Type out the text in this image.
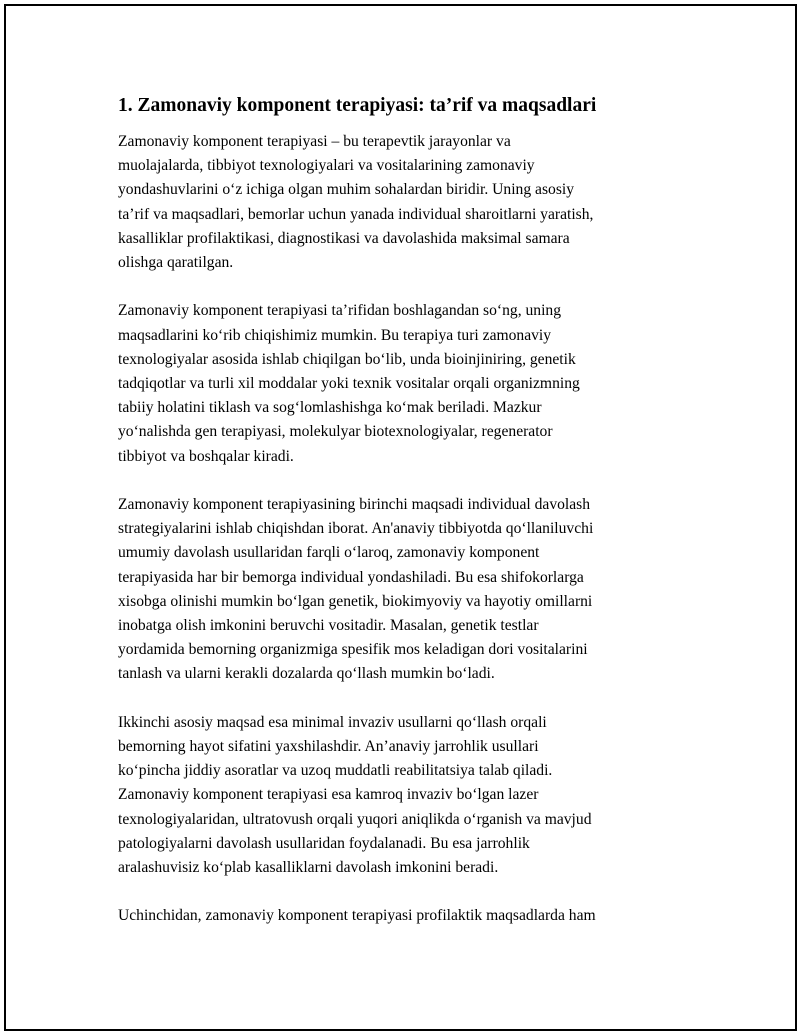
1. Zamonaviy komponent terapiyasi: ta’rif va maqsadlari

Zamonaviy komponent terapiyasi – bu terapevtik jarayonlar va
muolajalarda, tibbiyot texnologiyalari va vositalarining zamonaviy
yondashuvlarini oʻz ichiga olgan muhim sohalardan biridir. Uning asosiy
ta’rif va maqsadlari, bemorlar uchun yanada individual sharoitlarni yaratish,
kasalliklar profilaktikasi, diagnostikasi va davolashida maksimal samara
olishga qaratilgan.

Zamonaviy komponent terapiyasi ta’rifidan boshlagandan soʻng, uning
maqsadlarini koʻrib chiqishimiz mumkin. Bu terapiya turi zamonaviy
texnologiyalar asosida ishlab chiqilgan boʻlib, unda bioinjiniring, genetik
tadqiqotlar va turli xil moddalar yoki texnik vositalar orqali organizmning
tabiiy holatini tiklash va sogʻlomlashishga koʻmak beriladi. Mazkur
yoʻnalishda gen terapiyasi, molekulyar biotexnologiyalar, regenerator
tibbiyot va boshqalar kiradi.

Zamonaviy komponent terapiyasining birinchi maqsadi individual davolash
strategiyalarini ishlab chiqishdan iborat. An'anaviy tibbiyotda qoʻllaniluvchi
umumiy davolash usullaridan farqli oʻlaroq, zamonaviy komponent
terapiyasida har bir bemorga individual yondashiladi. Bu esa shifokorlarga
xisobga olinishi mumkin boʻlgan genetik, biokimyoviy va hayotiy omillarni
inobatga olish imkonini beruvchi vositadir. Masalan, genetik testlar
yordamida bemorning organizmiga spesifik mos keladigan dori vositalarini
tanlash va ularni kerakli dozalarda qoʻllash mumkin boʻladi.

Ikkinchi asosiy maqsad esa minimal invaziv usullarni qoʻllash orqali
bemorning hayot sifatini yaxshilashdir. An’anaviy jarrohlik usullari
koʻpincha jiddiy asoratlar va uzoq muddatli reabilitatsiya talab qiladi.
Zamonaviy komponent terapiyasi esa kamroq invaziv boʻlgan lazer
texnologiyalaridan, ultratovush orqali yuqori aniqlikda oʻrganish va mavjud
patologiyalarni davolash usullaridan foydalanadi. Bu esa jarrohlik
aralashuvisiz koʻplab kasalliklarni davolash imkonini beradi.

Uchinchidan, zamonaviy komponent terapiyasi profilaktik maqsadlarda ham
